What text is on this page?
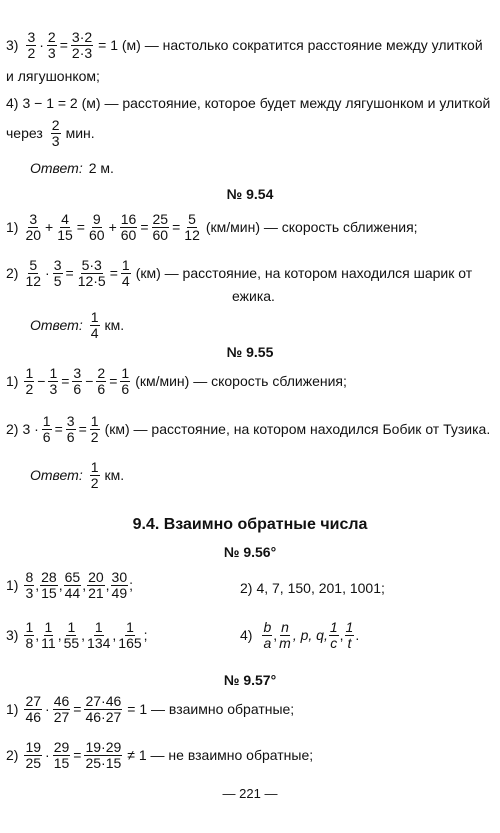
$3) \frac{3}{2} \cdot \frac{2}{3} = \frac{3\cdot 2}{2\cdot 3} = 1$ (м) — настолько сократится расстояние между улиткой
и лягушонком;
4) 3 − 1 = 2 (м) — расстояние, которое будет между лягушонком и улиткой
через $\frac{2}{3}$ мин.
Ответ: 2 м.
№ 9.54
$1) \frac{3}{20} + \frac{4}{15} = \frac{9}{60} + \frac{16}{60} = \frac{25}{60} = \frac{5}{12} (км/мин)$ — скорость сближения;
$2) \frac{5}{12} \cdot \frac{3}{5} = \frac{5\cdot 3}{12\cdot 5} = \frac{1}{4} (км)$ — расстояние, на котором находился шарик от
ежика.
Ответ: $\frac{1}{4}$ км.
№ 9.55
$1) \frac{1}{2} - \frac{1}{3} = \frac{3}{6} - \frac{2}{6} = \frac{1}{6} (км/мин)$ — скорость сближения;
2) $3 \cdot \frac{1}{6} = \frac{3}{6} = \frac{1}{2} (км)$ — расстояние, на котором находился Бобик от Тузика.
Ответ: $\frac{1}{2}$ км.
9.4. Взаимно обратные числа
№ 9.56°
$1) \frac{8}{3}$ , $\frac{28}{15}$ , $\frac{65}{44}$ , $\frac{20}{21}$ , $\frac{30}{49}$ ;	2) 4, 7, 150, 201, 1001;
$3) \frac{1}{8}$ , $\frac{1}{11}$ , $\frac{1}{55}$ , $\frac{1}{134}$ , $\frac{1}{165}$ ;	$4) \frac{b}{a}$ , $\frac{n}{m}$ , p, q, $\frac{1}{c}$ , $\frac{1}{t}$ .
№ 9.57°
$1) \frac{27}{46} \cdot \frac{46}{27} = \frac{27\cdot 46}{46\cdot 27} = 1$ — взаимно обратные;
$2) \frac{19}{25} \cdot \frac{29}{15} = \frac{19\cdot 29}{25\cdot 15} \ne 1$ — не взаимно обратные;
— 221 —
